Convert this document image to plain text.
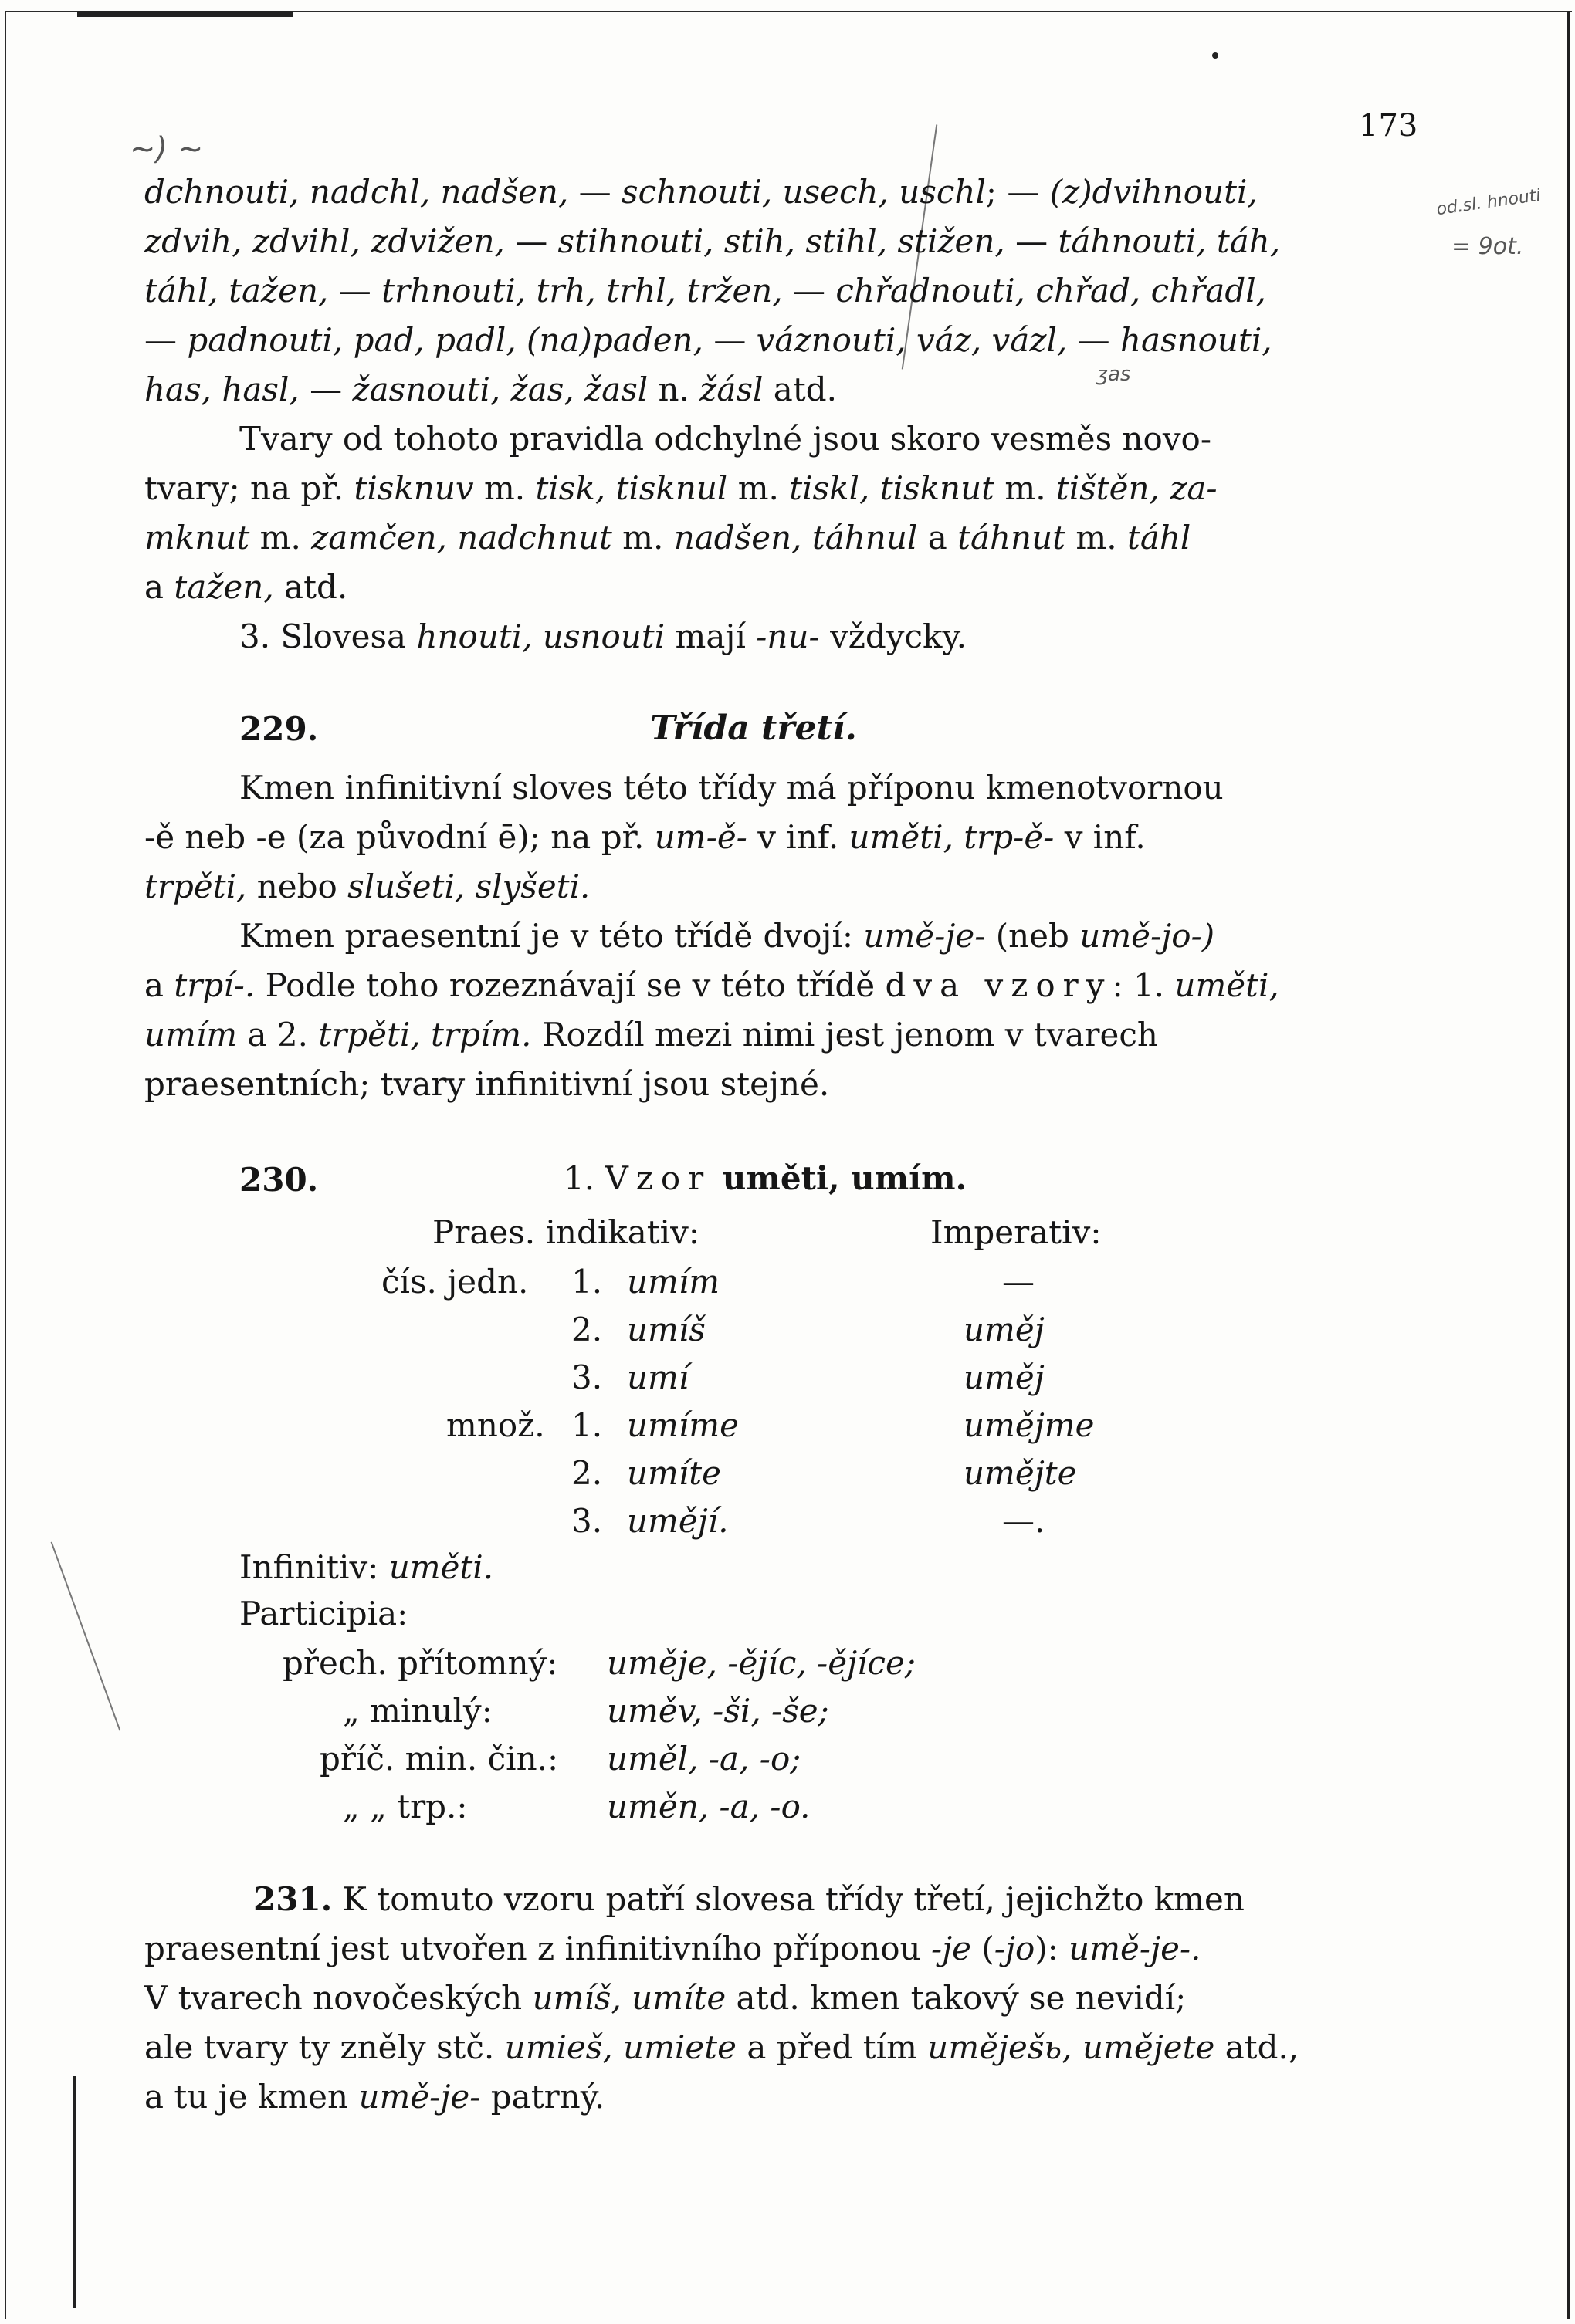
173
~) ~
od.sl. hnouti
= 9ot.
ʒas
dchnouti, nadchl, nadšen, — schnouti, usech, uschl; — (z)dvihnouti,
zdvih, zdvihl, zdvižen, — stihnouti, stih, stihl, stižen, — táhnouti, táh,
táhl, tažen, — trhnouti, trh, trhl, tržen, — chřadnouti, chřad, chřadl,
— padnouti, pad, padl, (na)paden, — váznouti, váz, vázl, — hasnouti,
has, hasl, — žasnouti, žas, žasl n. žásl atd.
Tvary od tohoto pravidla odchylné jsou skoro vesměs novo-
tvary; na př. tisknuv m. tisk, tisknul m. tiskl, tisknut m. tištěn, za-
mknut m. zamčen, nadchnut m. nadšen, táhnul a táhnut m. táhl
a tažen, atd.
3. Slovesa hnouti, usnouti mají -nu- vždycky.
229.	Třída třetí.
Kmen infinitivní sloves této třídy má příponu kmenotvornou
-ě neb -e (za původní ē); na př. um-ě- v inf. uměti, trp-ě- v inf.
trpěti, nebo slušeti, slyšeti.
Kmen praesentní je v této třídě dvojí: umě-je- (neb umě-jo-)
a trpí-. Podle toho rozeznávají se v této třídě dva vzory: 1. uměti,
umím a 2. trpěti, trpím. Rozdíl mezi nimi jest jenom v tvarech
praesentních; tvary infinitivní jsou stejné.
230.	1. Vzor uměti, umím.
Praes. indikativ:	Imperativ:
čís. jedn. 1. umím	—
2. umíš	uměj
3. umí	uměj
množ. 1. umíme	umějme
2. umíte	umějte
3. umějí.	—.
Infinitiv: uměti.
Participia:
přech. přítomný: uměje, -ějíc, -ějíce;
„ minulý:	uměv, -ši, -še;
příč. min. čin.: uměl, -a, -o;
„ „ trp.:	uměn, -a, -o.
231. K tomuto vzoru patří slovesa třídy třetí, jejichžto kmen
praesentní jest utvořen z infinitivního příponou -je (-jo): umě-je-.
V tvarech novočeských umíš, umíte atd. kmen takový se nevidí;
ale tvary ty zněly stč. umieš, umiete a před tím uměješь, umějete atd.,
a tu je kmen umě-je- patrný.
